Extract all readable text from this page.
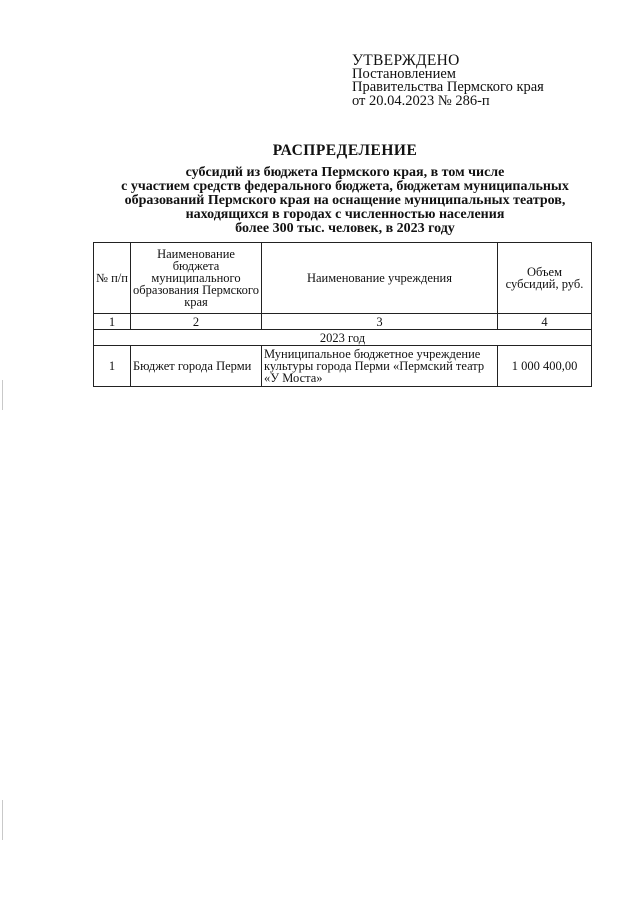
УТВЕРЖДЕНО
Постановлением
Правительства Пермского края
от 20.04.2023 № 286-п
РАСПРЕДЕЛЕНИЕ
субсидий из бюджета Пермского края, в том числе
с участием средств федерального бюджета, бюджетам муниципальных
образований Пермского края на оснащение муниципальных театров,
находящихся в городах с численностью населения
более 300 тыс. человек, в 2023 году
№ п/п	Наименование бюджета муниципального образования Пермского края	Наименование учреждения	Объем субсидий, руб.
1	2	3	4
2023 год			
1	Бюджет города Перми	Муниципальное бюджетное учреждение культуры города Перми «Пермский театр «У Моста»	1 000 400,00
